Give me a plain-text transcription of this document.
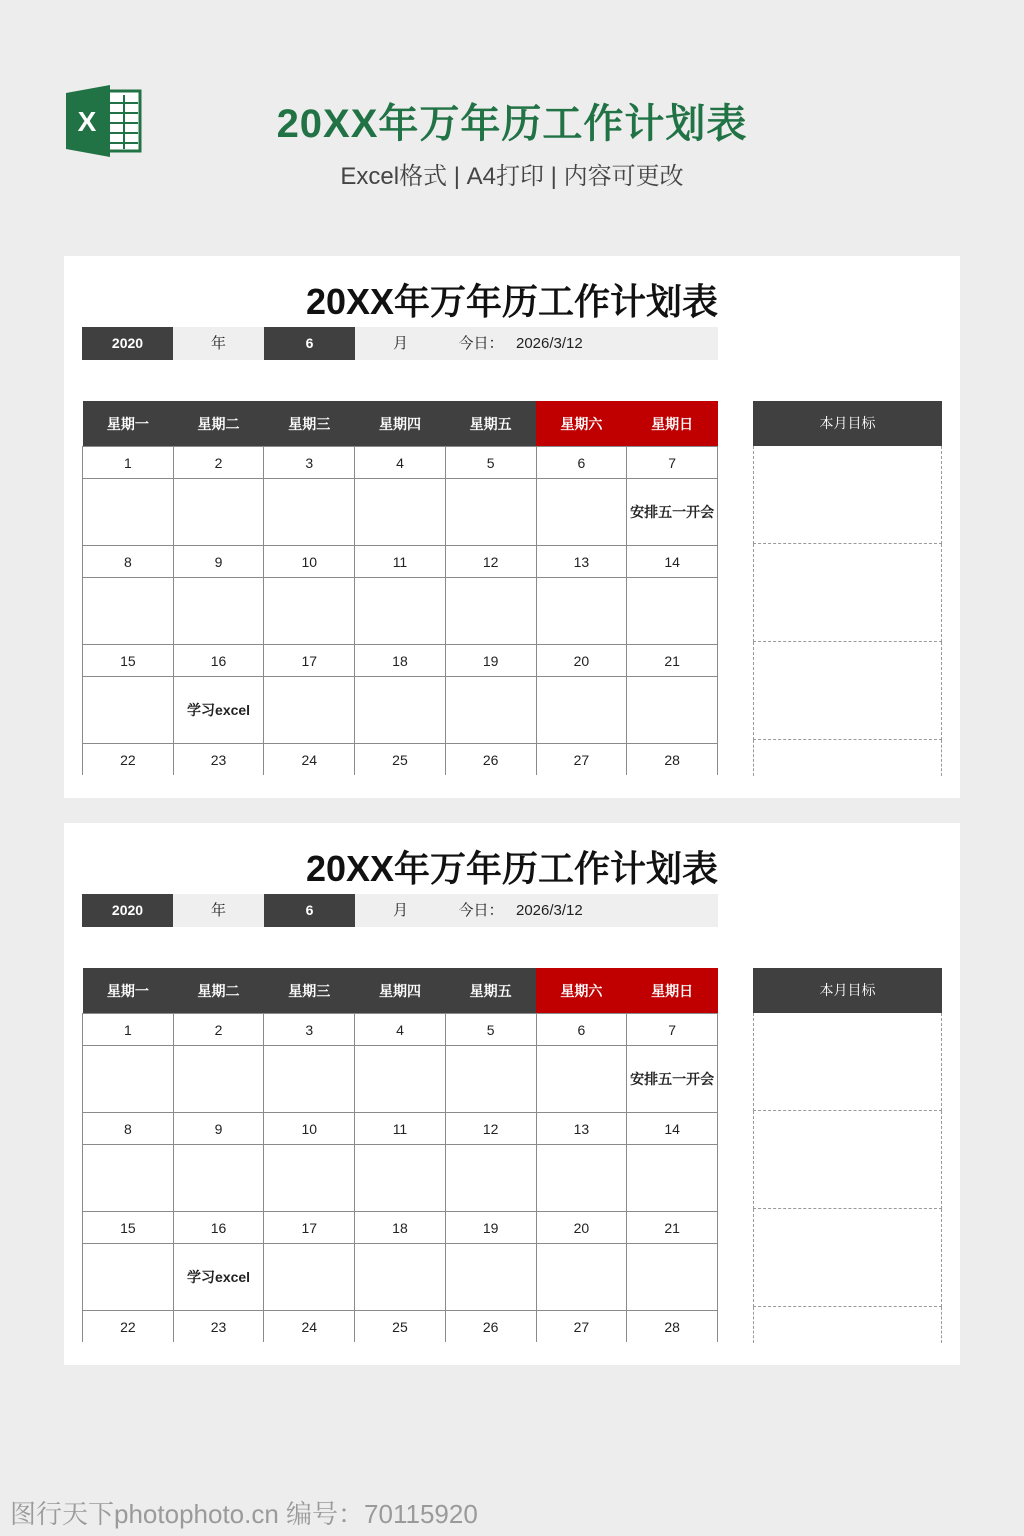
X	20XX年万年历工作计划表
Excel格式 | A4打印 | 内容可更改
20XX年万年历工作计划表
2020	年	6	月	今日： 2026/3/12
星期一	星期二	星期三	星期四	星期五	星期六	星期日
1	2	3	4	5	6	7
						安排五一开会
8	9	10	11	12	13	14

15	16	17	18	19	20	21
	学习excel					
22	23	24	25	26	27	28
本月目标
20XX年万年历工作计划表
2020	年	6	月	今日： 2026/3/12
星期一	星期二	星期三	星期四	星期五	星期六	星期日
1	2	3	4	5	6	7
						安排五一开会
8	9	10	11	12	13	14

15	16	17	18	19	20	21
	学习excel					
22	23	24	25	26	27	28
本月目标
图行天下photophoto.cn 编号：70115920
